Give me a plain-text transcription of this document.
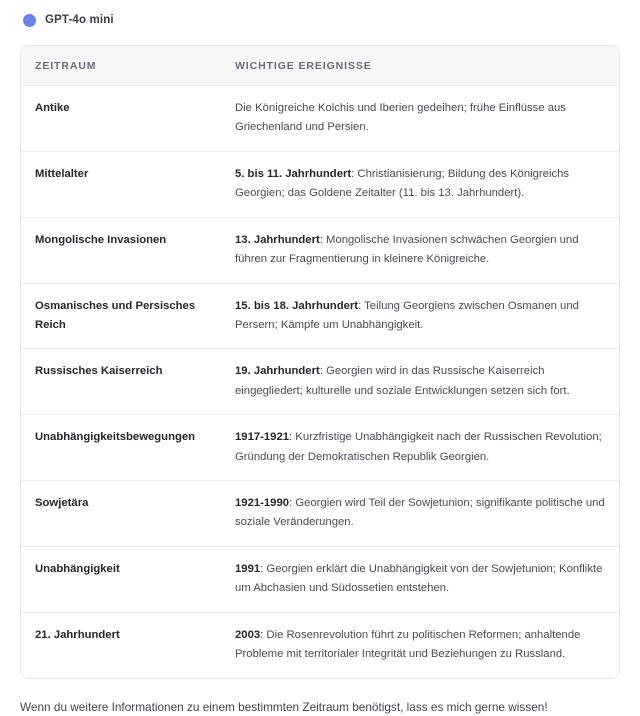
GPT-4o mini
ZEITRAUM	WICHTIGE EREIGNISSE
Antike	Die Königreiche Kolchis und Iberien gedeihen; frühe Einflüsse aus Griechenland und Persien.
Mittelalter	5. bis 11. Jahrhundert: Christianisierung; Bildung des Königreichs Georgien; das Goldene Zeitalter (11. bis 13. Jahrhundert).
Mongolische Invasionen	13. Jahrhundert: Mongolische Invasionen schwächen Georgien und führen zur Fragmentierung in kleinere Königreiche.
Osmanisches und Persisches Reich	15. bis 18. Jahrhundert: Teilung Georgiens zwischen Osmanen und Persern; Kämpfe um Unabhängigkeit.
Russisches Kaiserreich	19. Jahrhundert: Georgien wird in das Russische Kaiserreich eingegliedert; kulturelle und soziale Entwicklungen setzen sich fort.
Unabhängigkeitsbewegungen	1917-1921: Kurzfristige Unabhängigkeit nach der Russischen Revolution; Gründung der Demokratischen Republik Georgien.
Sowjetära	1921-1990: Georgien wird Teil der Sowjetunion; signifikante politische und soziale Veränderungen.
Unabhängigkeit	1991: Georgien erklärt die Unabhängigkeit von der Sowjetunion; Konflikte um Abchasien und Südossetien entstehen.
21. Jahrhundert	2003: Die Rosenrevolution führt zu politischen Reformen; anhaltende Probleme mit territorialer Integrität und Beziehungen zu Russland.
Wenn du weitere Informationen zu einem bestimmten Zeitraum benötigst, lass es mich gerne wissen!
